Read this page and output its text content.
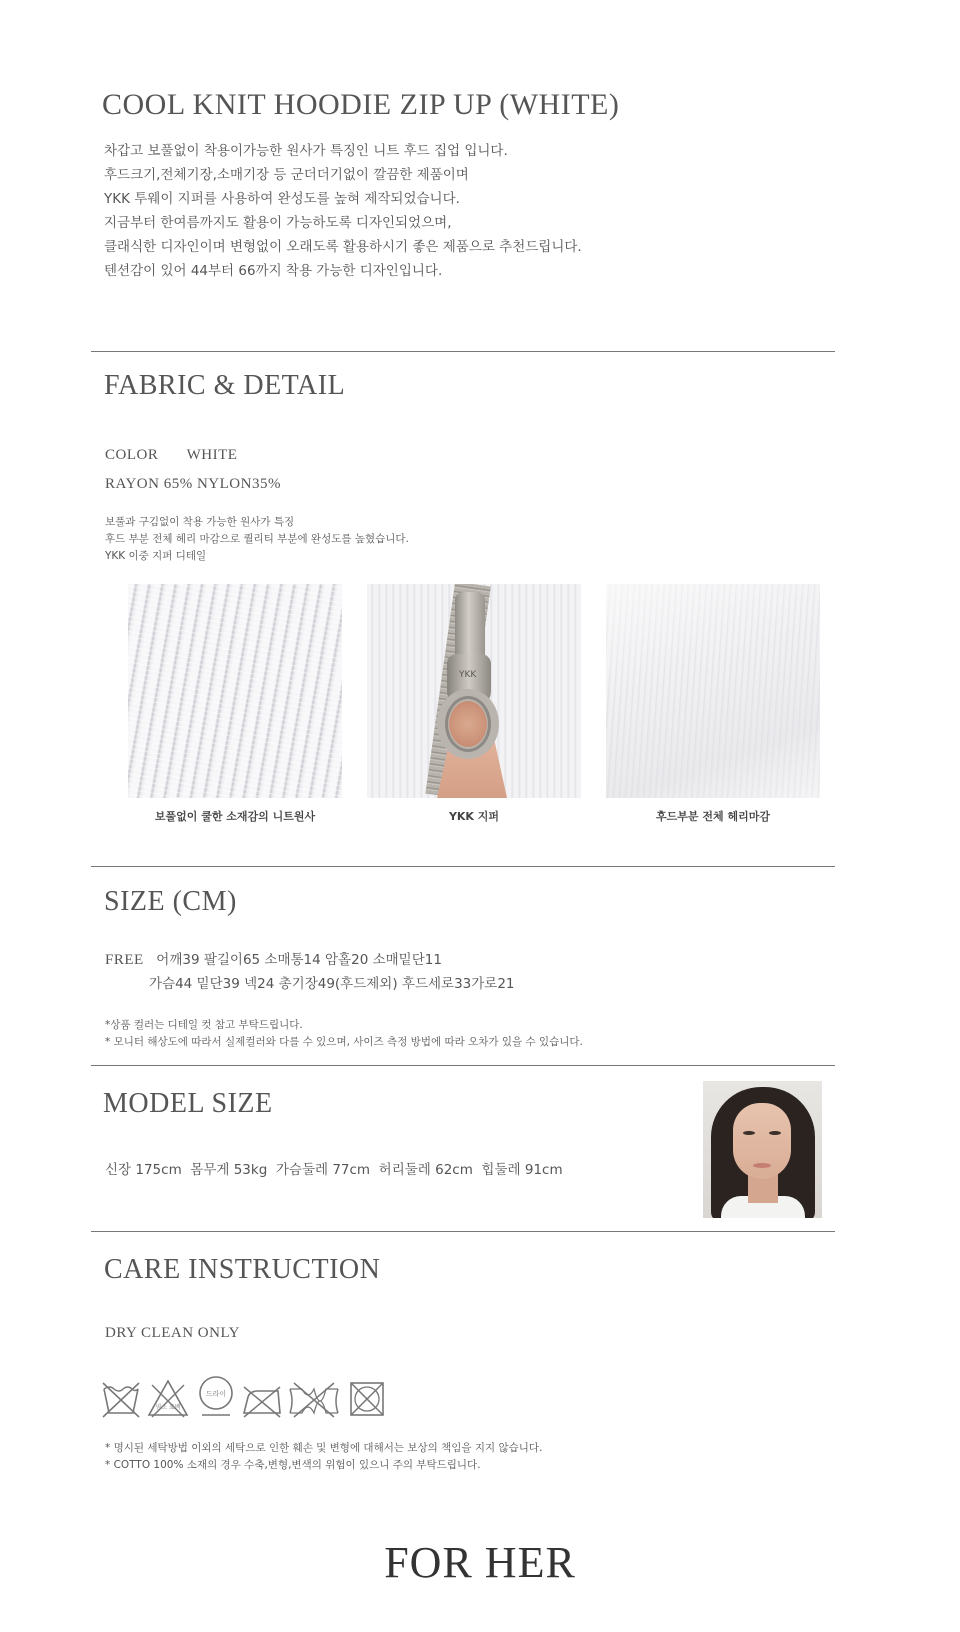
COOL KNIT HOODIE ZIP UP (WHITE)
차갑고 보풀없이 착용이가능한 원사가 특징인 니트 후드 집업 입니다.
후드크기,전체기장,소매기장 등 군더더기없이 깔끔한 제품이며
YKK 투웨이 지퍼를 사용하여 완성도를 높혀 제작되었습니다.
지금부터 한여름까지도 활용이 가능하도록 디자인되었으며,
클래식한 디자인이며 변형없이 오래도록 활용하시기 좋은 제품으로 추천드립니다.
텐션감이 있어 44부터 66까지 착용 가능한 디자인입니다.
FABRIC & DETAIL
COLOR WHITE
RAYON 65% NYLON35%
보풀과 구김없이 착용 가능한 원사가 특징
후드 부분 전체 헤리 마감으로 퀄리티 부분에 완성도를 높혔습니다.
YKK 이중 지퍼 디테일
YKK
보풀없이 쿨한 소재감의 니트원사	YKK 지퍼	후드부분 전체 헤리마감
SIZE (CM)
FREE 어깨39 팔길이65 소매통14 암홀20 소매밑단11
가슴44 밑단39 넥24 총기장49(후드제외) 후드세로33가로21
*상품 컬러는 디테일 컷 참고 부탁드립니다.
* 모니터 해상도에 따라서 실제컬러와 다를 수 있으며, 사이즈 측정 방법에 따라 오차가 있을 수 있습니다.
MODEL SIZE
신장 175cm  몸무게 53kg  가슴둘레 77cm  허리둘레 62cm  힙둘레 91cm
CARE INSTRUCTION
DRY CLEAN ONLY
염소 표백
드라이
* 명시된 세탁방법 이외의 세탁으로 인한 훼손 및 변형에 대해서는 보상의 책임을 지지 않습니다.
* COTTO 100% 소재의 경우 수축,변형,변색의 위험이 있으니 주의 부탁드립니다.
FOR HER
